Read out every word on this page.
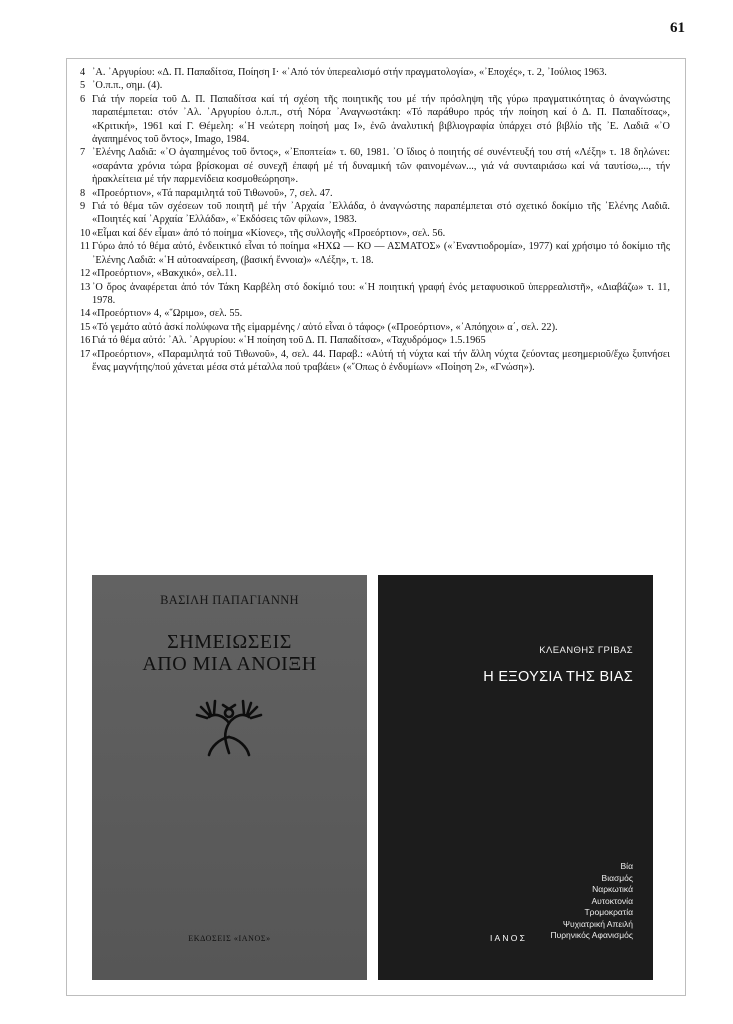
61

4 ᾿Α. ᾿Αργυρίου: «Δ. Π. Παπαδίτσα, Ποίηση Ι· «᾿Από τόν ὑπερεαλισμό στήν πραγματολογία», «᾿Εποχές», τ. 2, ᾿Ιούλιος 1963.

5 ᾿Ο.π.π., σημ. (4).

6 Γιά τήν πορεία τοῦ Δ. Π. Παπαδίτσα καί τή σχέση τῆς ποιητικῆς του μέ τήν πρόσληψη τῆς γύρω πραγματικότητας ὁ ἀναγνώστης παραπέμπεται: στόν ᾿Αλ. ᾿Αργυρίου ὁ.π.π., στή Νόρα ᾿Αναγνωστάκη: «Τό παράθυρο πρός τήν ποίηση καί ὁ Δ. Π. Παπαδίτσας», «Κριτική», 1961 καί Γ. Θέμελη: «῾Η νεώτερη ποίησή μας Ι», ἐνῶ ἀναλυτική βιβλιογραφία ὑπάρχει στό βιβλίο τῆς ᾿Ε. Λαδιᾶ «᾿Ο ἀγαπημένος τοῦ ὄντος», Imago, 1984.

7 ᾿Ελένης Λαδιᾶ: «᾿Ο ἀγαπημένος τοῦ ὄντος», «᾿Εποπτεία» τ. 60, 1981. ᾿Ο ἴδιος ὁ ποιητής σέ συνέντευξή του στή «Λέξη» τ. 18 δηλώνει: «σαράντα χρόνια τώρα βρίσκομαι σέ συνεχῆ ἐπαφή μέ τή δυναμική τῶν φαινομένων..., γιά νά συνταιριάσω καί νά ταυτίσω,..., τήν ἡρακλείτεια μέ τήν παρμενίδεια κοσμοθεώρηση».

8 «Προεόρτιον», «Τά παραμιλητά τοῦ Τιθωνοῦ», 7, σελ. 47.

9 Γιά τό θέμα τῶν σχέσεων τοῦ ποιητῆ μέ τήν ᾿Αρχαία ᾿Ελλάδα, ὁ ἀναγνώστης παραπέμπεται στό σχετικό δοκίμιο τῆς ᾿Ελένης Λαδιᾶ. «Ποιητές καί ᾿Αρχαία ᾿Ελλάδα», «᾿Εκδόσεις τῶν φίλων», 1983.

10 «Εἶμαι καί δέν εἶμαι» ἀπό τό ποίημα «Κίονες», τῆς συλλογῆς «Προεόρτιον», σελ. 56.

11 Γύρω ἀπό τό θέμα αὐτό, ἐνδεικτικό εἶναι τό ποίημα «ΗΧΩ — ΚΟ — ΑΣΜΑΤΟΣ» («᾿Εναντιοδρομία», 1977) καί χρήσιμο τό δοκίμιο τῆς ᾿Ελένης Λαδιᾶ: «῾Η αὐτοαναίρεση, (βασική ἔννοια)» «Λέξη», τ. 18.

12 «Προεόρτιον», «Βακχικό», σελ.11.

13 ᾿Ο ὅρος ἀναφέρεται ἀπό τόν Τάκη Καρβέλη στό δοκίμιό του: «῾Η ποιητική γραφή ἑνός μεταφυσικοῦ ὑπερρεαλιστῆ», «Διαβάζω» τ. 11, 1978.

14 «Προεόρτιον» 4, «῞Ωριμο», σελ. 55.

15 «Τό γεμάτο αὐτό ἀσκί πολύφωνα τῆς εἱμαρμένης / αὐτό εἶναι ὁ τάφος» («Προεόρτιον», «᾿Απόηχοι» α΄, σελ. 22).

16 Γιά τό θέμα αὐτό: ᾿Αλ. ᾿Αργυρίου: «῾Η ποίηση τοῦ Δ. Π. Παπαδίτσα», «Ταχυδρόμος» 1.5.1965

17 «Προεόρτιον», «Παραμιλητά τοῦ Τιθωνοῦ», 4, σελ. 44. Παραβ.: «Αὐτή τή νύχτα καί τήν ἄλλη νύχτα ζεύοντας μεσημεριοῦ/ἔχω ξυπνήσει ἕνας μαγνήτης/πού χάνεται μέσα στά μέταλλα πού τραβάει» («῞Οπως ὁ ἐνδυμίων» «Ποίηση 2», «Γνώση»).

ΒΑΣΙΛΗ ΠΑΠΑΓΙΑΝΝΗ
ΣΗΜΕΙΩΣΕΙΣ
ΑΠΟ ΜΙΑ ΑΝΟΙΞΗ
ΕΚΔΟΣΕΙΣ «ΙΑΝΟΣ»
ΚΛΕΑΝΘΗΣ ΓΡΙΒΑΣ
Η ΕΞΟΥΣΙΑ ΤΗΣ ΒΙΑΣ
Βία
Βιασμός
Ναρκωτικά
Αυτοκτονία
Τρομοκρατία
Ψυχιατρική Απειλή
Πυρηνικός Αφανισμός
ΙΑΝΟΣ
